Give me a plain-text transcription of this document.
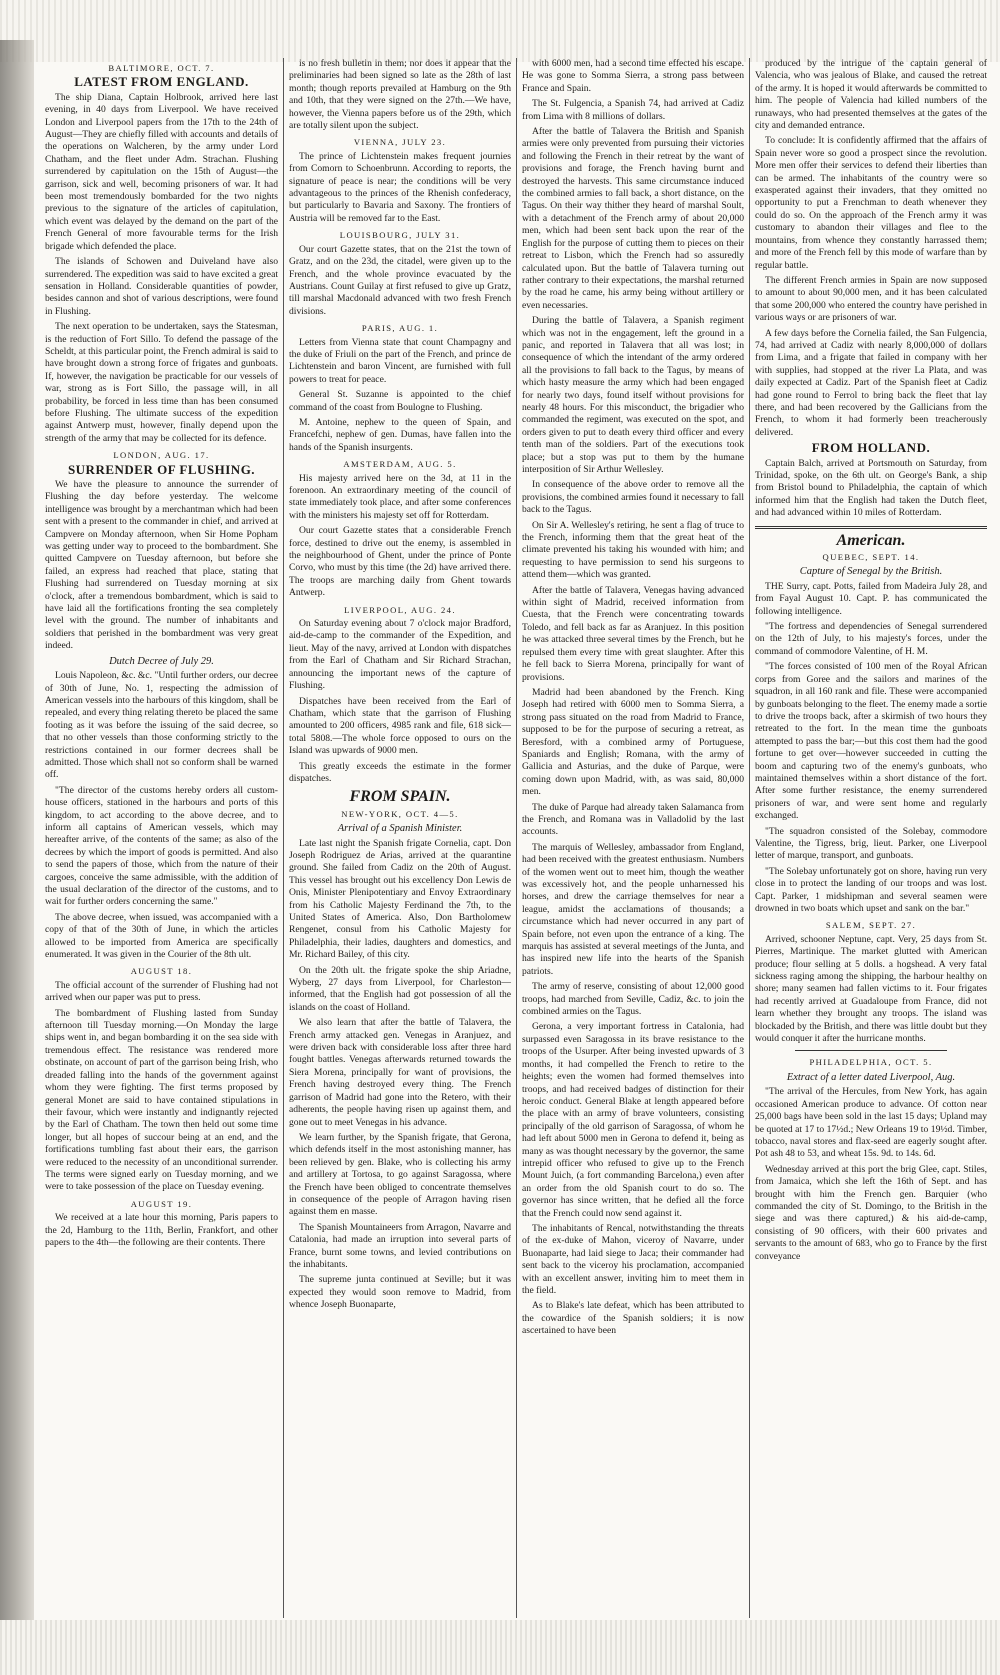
BALTIMORE, OCT. 7.
LATEST FROM ENGLAND.

The ship Diana, Captain Holbrook, arrived here last evening, in 40 days from Liverpool. We have received London and Liverpool papers from the 17th to the 24th of August—They are chiefly filled with accounts and details of the operations on Walcheren, by the army under Lord Chatham, and the fleet under Adm. Strachan. Flushing surrendered by capitulation on the 15th of August—the garrison, sick and well, becoming prisoners of war. It had been most tremendously bombarded for the two nights previous to the signature of the articles of capitulation, which event was delayed by the demand on the part of the French General of more favourable terms for the Irish brigade which defended the place.

The islands of Schowen and Duiveland have also surrendered. The expedition was said to have excited a great sensation in Holland. Considerable quantities of powder, besides cannon and shot of various descriptions, were found in Flushing.

The next operation to be undertaken, says the Statesman, is the reduction of Fort Sillo. To defend the passage of the Scheldt, at this particular point, the French admiral is said to have brought down a strong force of frigates and gunboats. If, however, the navigation be practicable for our vessels of war, strong as is Fort Sillo, the passage will, in all probability, be forced in less time than has been consumed before Flushing. The ultimate success of the expedition against Antwerp must, however, finally depend upon the strength of the army that may be collected for its defence.

LONDON, AUG. 17.
SURRENDER OF FLUSHING.

We have the pleasure to announce the surrender of Flushing the day before yesterday. The welcome intelligence was brought by a merchantman which had been sent with a present to the commander in chief, and arrived at Campvere on Monday afternoon, when Sir Home Popham was getting under way to proceed to the bombardment. She quitted Campvere on Tuesday afternoon, but before she failed, an express had reached that place, stating that Flushing had surrendered on Tuesday morning at six o'clock, after a tremendous bombardment, which is said to have laid all the fortifications fronting the sea completely level with the ground. The number of inhabitants and soldiers that perished in the bombardment was very great indeed.

Dutch Decree of July 29.

Louis Napoleon, &c. &c. "Until further orders, our decree of 30th of June, No. 1, respecting the admission of American vessels into the harbours of this kingdom, shall be repealed, and every thing relating thereto be placed the same footing as it was before the issuing of the said decree, so that no other vessels than those conforming strictly to the restrictions contained in our former decrees shall be admitted. Those which shall not so conform shall be warned off.

"The director of the customs hereby orders all custom-house officers, stationed in the harbours and ports of this kingdom, to act according to the above decree, and to inform all captains of American vessels, which may hereafter arrive, of the contents of the same; as also of the decrees by which the import of goods is permitted. And also to send the papers of those, which from the nature of their cargoes, conceive the same admissible, with the addition of the usual declaration of the director of the customs, and to wait for further orders concerning the same."

The above decree, when issued, was accompanied with a copy of that of the 30th of June, in which the articles allowed to be imported from America are specifically enumerated. It was given in the Courier of the 8th ult.

AUGUST 18.

The official account of the surrender of Flushing had not arrived when our paper was put to press.

The bombardment of Flushing lasted from Sunday afternoon till Tuesday morning.—On Monday the large ships went in, and began bombarding it on the sea side with tremendous effect. The resistance was rendered more obstinate, on account of part of the garrison being Irish, who dreaded falling into the hands of the government against whom they were fighting. The first terms proposed by general Monet are said to have contained stipulations in their favour, which were instantly and indignantly rejected by the Earl of Chatham. The town then held out some time longer, but all hopes of succour being at an end, and the fortifications tumbling fast about their ears, the garrison were reduced to the necessity of an unconditional surrender. The terms were signed early on Tuesday morning, and we were to take possession of the place on Tuesday evening.

AUGUST 19.

We received at a late hour this morning, Paris papers to the 2d, Hamburg to the 11th, Berlin, Frankfort, and other papers to the 4th—the following are their contents. There

is no fresh bulletin in them; nor does it appear that the preliminaries had been signed so late as the 28th of last month; though reports prevailed at Hamburg on the 9th and 10th, that they were signed on the 27th.—We have, however, the Vienna papers before us of the 29th, which are totally silent upon the subject.

VIENNA, JULY 23.

The prince of Lichtenstein makes frequent journies from Comorn to Schoenbrunn. According to reports, the signature of peace is near; the conditions will be very advantageous to the princes of the Rhenish confederacy, but particularly to Bavaria and Saxony. The frontiers of Austria will be removed far to the East.

LOUISBOURG, JULY 31.

Our court Gazette states, that on the 21st the town of Gratz, and on the 23d, the citadel, were given up to the French, and the whole province evacuated by the Austrians. Count Guilay at first refused to give up Gratz, till marshal Macdonald advanced with two fresh French divisions.

PARIS, AUG. 1.

Letters from Vienna state that count Champagny and the duke of Friuli on the part of the French, and prince de Lichtenstein and baron Vincent, are furnished with full powers to treat for peace.

General St. Suzanne is appointed to the chief command of the coast from Boulogne to Flushing.

M. Antoine, nephew to the queen of Spain, and Francefchi, nephew of gen. Dumas, have fallen into the hands of the Spanish insurgents.

AMSTERDAM, AUG. 5.

His majesty arrived here on the 3d, at 11 in the forenoon. An extraordinary meeting of the council of state immediately took place, and after some conferences with the ministers his majesty set off for Rotterdam.

Our court Gazette states that a considerable French force, destined to drive out the enemy, is assembled in the neighbourhood of Ghent, under the prince of Ponte Corvo, who must by this time (the 2d) have arrived there. The troops are marching daily from Ghent towards Antwerp.

LIVERPOOL, AUG. 24.

On Saturday evening about 7 o'clock major Bradford, aid-de-camp to the commander of the Expedition, and lieut. May of the navy, arrived at London with dispatches from the Earl of Chatham and Sir Richard Strachan, announcing the important news of the capture of Flushing.

Dispatches have been received from the Earl of Chatham, which state that the garrison of Flushing amounted to 200 officers, 4985 rank and file, 618 sick—total 5808.—The whole force opposed to ours on the Island was upwards of 9000 men.

This greatly exceeds the estimate in the former dispatches.

FROM SPAIN.
NEW-YORK, OCT. 4—5.
Arrival of a Spanish Minister.

Late last night the Spanish frigate Cornelia, capt. Don Joseph Rodriguez de Arias, arrived at the quarantine ground. She failed from Cadiz on the 20th of August. This vessel has brought out his excellency Don Lewis de Onis, Minister Plenipotentiary and Envoy Extraordinary from his Catholic Majesty Ferdinand the 7th, to the United States of America. Also, Don Bartholomew Rengenet, consul from his Catholic Majesty for Philadelphia, their ladies, daughters and domestics, and Mr. Richard Bailey, of this city.

On the 20th ult. the frigate spoke the ship Ariadne, Wyberg, 27 days from Liverpool, for Charleston—informed, that the English had got possession of all the islands on the coast of Holland.

We also learn that after the battle of Talavera, the French army attacked gen. Venegas in Aranjuez, and were driven back with considerable loss after three hard fought battles. Venegas afterwards returned towards the Siera Morena, principally for want of provisions, the French having destroyed every thing. The French garrison of Madrid had gone into the Retero, with their adherents, the people having risen up against them, and gone out to meet Venegas in his advance.

We learn further, by the Spanish frigate, that Gerona, which defends itself in the most astonishing manner, has been relieved by gen. Blake, who is collecting his army and artillery at Tortosa, to go against Saragossa, where the French have been obliged to concentrate themselves in consequence of the people of Arragon having risen against them en masse.

The Spanish Mountaineers from Arragon, Navarre and Catalonia, had made an irruption into several parts of France, burnt some towns, and levied contributions on the inhabitants.

The supreme junta continued at Seville; but it was expected they would soon remove to Madrid, from whence Joseph Buonaparte,

with 6000 men, had a second time effected his escape. He was gone to Somma Sierra, a strong pass between France and Spain.

The St. Fulgencia, a Spanish 74, had arrived at Cadiz from Lima with 8 millions of dollars.

After the battle of Talavera the British and Spanish armies were only prevented from pursuing their victories and following the French in their retreat by the want of provisions and forage, the French having burnt and destroyed the harvests. This same circumstance induced the combined armies to fall back, a short distance, on the Tagus. On their way thither they heard of marshal Soult, with a detachment of the French army of about 20,000 men, which had been sent back upon the rear of the English for the purpose of cutting them to pieces on their retreat to Lisbon, which the French had so assuredly calculated upon. But the battle of Talavera turning out rather contrary to their expectations, the marshal returned by the road he came, his army being without artillery or even necessaries.

During the battle of Talavera, a Spanish regiment which was not in the engagement, left the ground in a panic, and reported in Talavera that all was lost; in consequence of which the intendant of the army ordered all the provisions to fall back to the Tagus, by means of which hasty measure the army which had been engaged for nearly two days, found itself without provisions for nearly 48 hours. For this misconduct, the brigadier who commanded the regiment, was executed on the spot, and orders given to put to death every third officer and every tenth man of the soldiers. Part of the executions took place; but a stop was put to them by the humane interposition of Sir Arthur Wellesley.

In consequence of the above order to remove all the provisions, the combined armies found it necessary to fall back to the Tagus.

On Sir A. Wellesley's retiring, he sent a flag of truce to the French, informing them that the great heat of the climate prevented his taking his wounded with him; and requesting to have permission to send his surgeons to attend them—which was granted.

After the battle of Talavera, Venegas having advanced within sight of Madrid, received information from Cuesta, that the French were concentrating towards Toledo, and fell back as far as Aranjuez. In this position he was attacked three several times by the French, but he repulsed them every time with great slaughter. After this he fell back to Sierra Morena, principally for want of provisions.

Madrid had been abandoned by the French. King Joseph had retired with 6000 men to Somma Sierra, a strong pass situated on the road from Madrid to France, supposed to be for the purpose of securing a retreat, as Beresford, with a combined army of Portuguese, Spaniards and English; Romana, with the army of Gallicia and Asturias, and the duke of Parque, were coming down upon Madrid, with, as was said, 80,000 men.

The duke of Parque had already taken Salamanca from the French, and Romana was in Valladolid by the last accounts.

The marquis of Wellesley, ambassador from England, had been received with the greatest enthusiasm. Numbers of the women went out to meet him, though the weather was excessively hot, and the people unharnessed his horses, and drew the carriage themselves for near a league, amidst the acclamations of thousands; a circumstance which had never occurred in any part of Spain before, not even upon the entrance of a king. The marquis has assisted at several meetings of the Junta, and has inspired new life into the hearts of the Spanish patriots.

The army of reserve, consisting of about 12,000 good troops, had marched from Seville, Cadiz, &c. to join the combined armies on the Tagus.

Gerona, a very important fortress in Catalonia, had surpassed even Saragossa in its brave resistance to the troops of the Usurper. After being invested upwards of 3 months, it had compelled the French to retire to the heights; even the women had formed themselves into troops, and had received badges of distinction for their heroic conduct. General Blake at length appeared before the place with an army of brave volunteers, consisting principally of the old garrison of Saragossa, of whom he had left about 5000 men in Gerona to defend it, being as many as was thought necessary by the governor, the same intrepid officer who refused to give up to the French Mount Juich, (a fort commanding Barcelona,) even after an order from the old Spanish court to do so. The governor has since written, that he defied all the force that the French could now send against it.

The inhabitants of Rencal, notwithstanding the threats of the ex-duke of Mahon, viceroy of Navarre, under Buonaparte, had laid siege to Jaca; their commander had sent back to the viceroy his proclamation, accompanied with an excellent answer, inviting him to meet them in the field.

As to Blake's late defeat, which has been attributed to the cowardice of the Spanish soldiers; it is now ascertained to have been

produced by the intrigue of the captain general of Valencia, who was jealous of Blake, and caused the retreat of the army. It is hoped it would afterwards be committed to him. The people of Valencia had killed numbers of the runaways, who had presented themselves at the gates of the city and demanded entrance.

To conclude: It is confidently affirmed that the affairs of Spain never wore so good a prospect since the revolution. More men offer their services to defend their liberties than can be armed. The inhabitants of the country were so exasperated against their invaders, that they omitted no opportunity to put a Frenchman to death whenever they could do so. On the approach of the French army it was customary to abandon their villages and flee to the mountains, from whence they constantly harrassed them; and more of the French fell by this mode of warfare than by regular battle.

The different French armies in Spain are now supposed to amount to about 90,000 men, and it has been calculated that some 200,000 who entered the country have perished in various ways or are prisoners of war.

A few days before the Cornelia failed, the San Fulgencia, 74, had arrived at Cadiz with nearly 8,000,000 of dollars from Lima, and a frigate that failed in company with her with supplies, had stopped at the river La Plata, and was daily expected at Cadiz. Part of the Spanish fleet at Cadiz had gone round to Ferrol to bring back the fleet that lay there, and had been recovered by the Gallicians from the French, to whom it had formerly been treacherously delivered.

FROM HOLLAND.

Captain Balch, arrived at Portsmouth on Saturday, from Trinidad, spoke, on the 6th ult. on George's Bank, a ship from Bristol bound to Philadelphia, the captain of which informed him that the English had taken the Dutch fleet, and had advanced within 10 miles of Rotterdam.

American.
QUEBEC, SEPT. 14.
Capture of Senegal by the British.

THE Surry, capt. Potts, failed from Madeira July 28, and from Fayal August 10. Capt. P. has communicated the following intelligence.

"The fortress and dependencies of Senegal surrendered on the 12th of July, to his majesty's forces, under the command of commodore Valentine, of H. M.

"The forces consisted of 100 men of the Royal African corps from Goree and the sailors and marines of the squadron, in all 160 rank and file. These were accompanied by gunboats belonging to the fleet. The enemy made a sortie to drive the troops back, after a skirmish of two hours they retreated to the fort. In the mean time the gunboats attempted to pass the bar;—but this cost them had the good fortune to get over—however succeeded in cutting the boom and capturing two of the enemy's gunboats, who maintained themselves within a short distance of the fort. After some further resistance, the enemy surrendered prisoners of war, and were sent home and regularly exchanged.

"The squadron consisted of the Solebay, commodore Valentine, the Tigress, brig, lieut. Parker, one Liverpool letter of marque, transport, and gunboats.

"The Solebay unfortunately got on shore, having run very close in to protect the landing of our troops and was lost. Capt. Parker, 1 midshipman and several seamen were drowned in two boats which upset and sank on the bar."

SALEM, SEPT. 27.

Arrived, schooner Neptune, capt. Very, 25 days from St. Pierres, Martinique. The market glutted with American produce; flour selling at 5 dolls. a hogshead. A very fatal sickness raging among the shipping, the harbour healthy on shore; many seamen had fallen victims to it. Four frigates had recently arrived at Guadaloupe from France, did not learn whether they brought any troops. The island was blockaded by the British, and there was little doubt but they would conquer it after the hurricane months.

PHILADELPHIA, OCT. 5.
Extract of a letter dated Liverpool, Aug.

"The arrival of the Hercules, from New York, has again occasioned American produce to advance. Of cotton near 25,000 bags have been sold in the last 15 days; Upland may be quoted at 17 to 17½d.; New Orleans 19 to 19½d. Timber, tobacco, naval stores and flax-seed are eagerly sought after. Pot ash 48 to 53, and wheat 15s. 9d. to 14s. 6d.

Wednesday arrived at this port the brig Glee, capt. Stiles, from Jamaica, which she left the 16th of Sept. and has brought with him the French gen. Barquier (who commanded the city of St. Domingo, to the British in the siege and was there captured,) & his aid-de-camp, consisting of 90 officers, with their 600 privates and servants to the amount of 683, who go to France by the first conveyance
